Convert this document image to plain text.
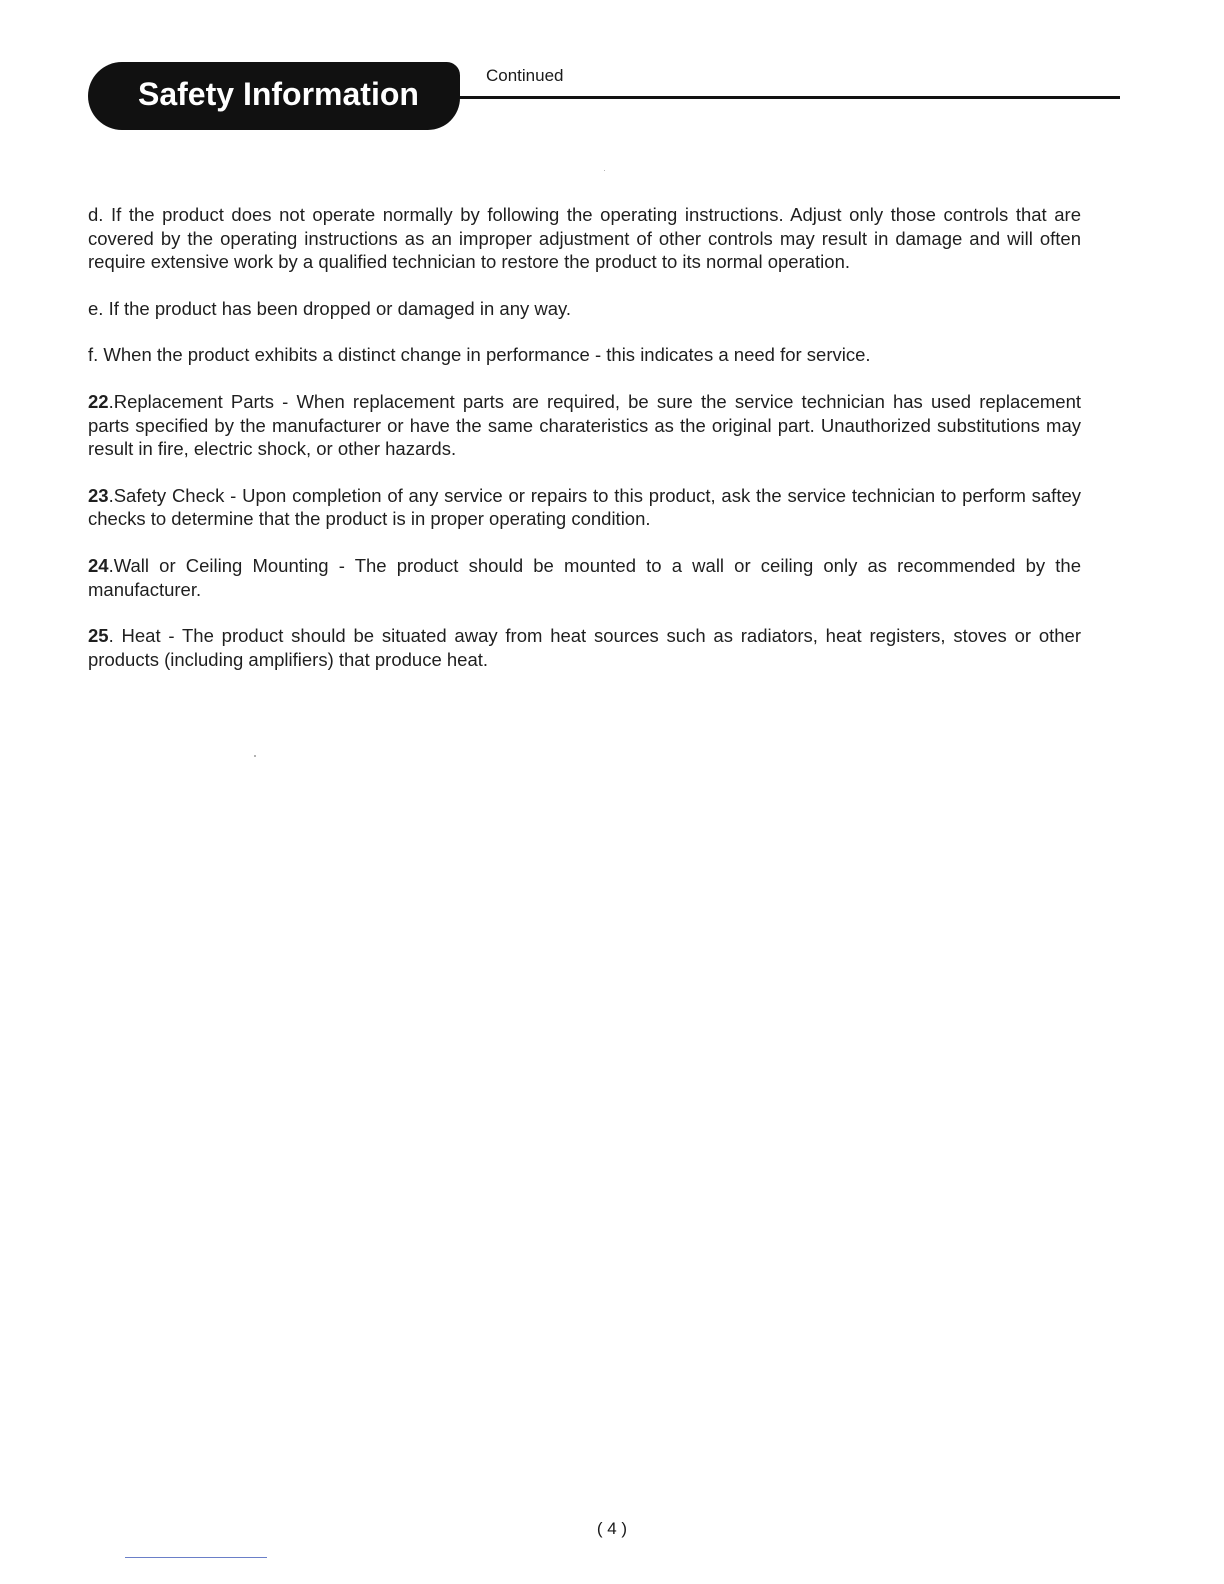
Safety Information
Continued

d. If the product does not operate normally by following the operating instructions. Adjust only those controls that are covered by the operating instructions as an improper adjustment of other controls may result in damage and will often require extensive work by a qualified technician to restore the product to its normal operation.

e. If the product has been dropped or damaged in any way.

f. When the product exhibits a distinct change in performance - this indicates a need for service.

22.Replacement Parts - When replacement parts are required, be sure the service technician has used replacement parts specified by the manufacturer or have the same charateristics as the original part. Unauthorized substitutions may result in fire, electric shock, or other hazards.

23.Safety Check - Upon completion of any service or repairs to this product, ask the service technician to perform saftey checks to determine that the product is in proper operating condition.

24.Wall or Ceiling Mounting - The product should be mounted to a wall or ceiling only as recommended by the manufacturer.

25. Heat - The product should be situated away from heat sources such as radiators, heat registers, stoves or other products (including amplifiers) that produce heat.

( 4 )
